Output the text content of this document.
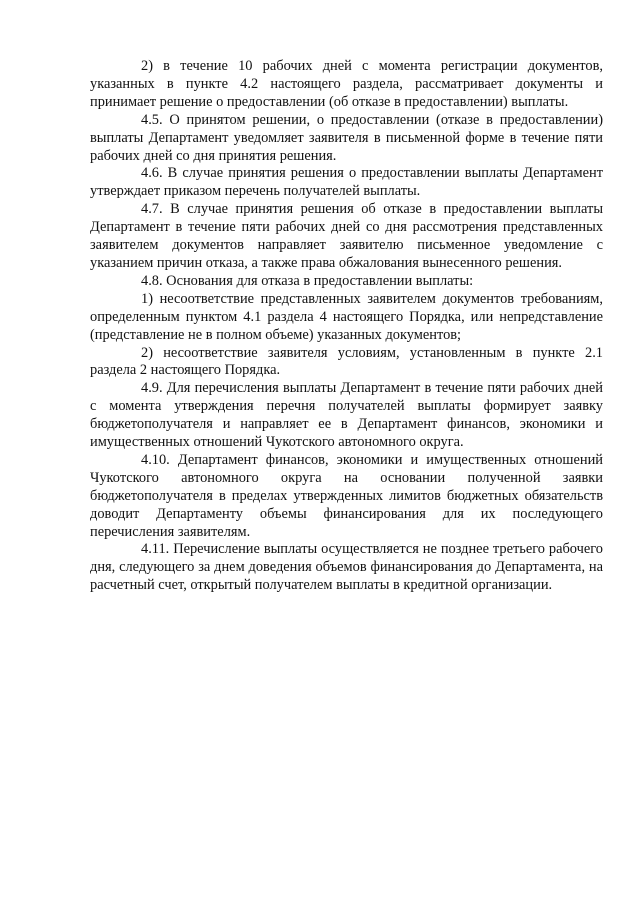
2) в течение 10 рабочих дней с момента регистрации документов, указанных в пункте 4.2 настоящего раздела, рассматривает документы и принимает решение о предоставлении (об отказе в предоставлении) выплаты.

4.5. О принятом решении, о предоставлении (отказе в предоставлении) выплаты Департамент уведомляет заявителя в письменной форме в течение пяти рабочих дней со дня принятия решения.

4.6. В случае принятия решения о предоставлении выплаты Департамент утверждает приказом перечень получателей выплаты.

4.7. В случае принятия решения об отказе в предоставлении выплаты Департамент в течение пяти рабочих дней со дня рассмотрения представленных заявителем документов направляет заявителю письменное уведомление с указанием причин отказа, а также права обжалования вынесенного решения.

4.8. Основания для отказа в предоставлении выплаты:

1) несоответствие представленных заявителем документов требованиям, определенным пунктом 4.1 раздела 4 настоящего Порядка, или непредставление (представление не в полном объеме) указанных документов;

2) несоответствие заявителя условиям, установленным в пункте 2.1 раздела 2 настоящего Порядка.

4.9. Для перечисления выплаты Департамент в течение пяти рабочих дней с момента утверждения перечня получателей выплаты формирует заявку бюджетополучателя и направляет ее в Департамент финансов, экономики и имущественных отношений Чукотского автономного округа.

4.10. Департамент финансов, экономики и имущественных отношений Чукотского автономного округа на основании полученной заявки бюджетополучателя в пределах утвержденных лимитов бюджетных обязательств доводит Департаменту объемы финансирования для их последующего перечисления заявителям.

4.11. Перечисление выплаты осуществляется не позднее третьего рабочего дня, следующего за днем доведения объемов финансирования до Департамента, на расчетный счет, открытый получателем выплаты в кредитной организации.
